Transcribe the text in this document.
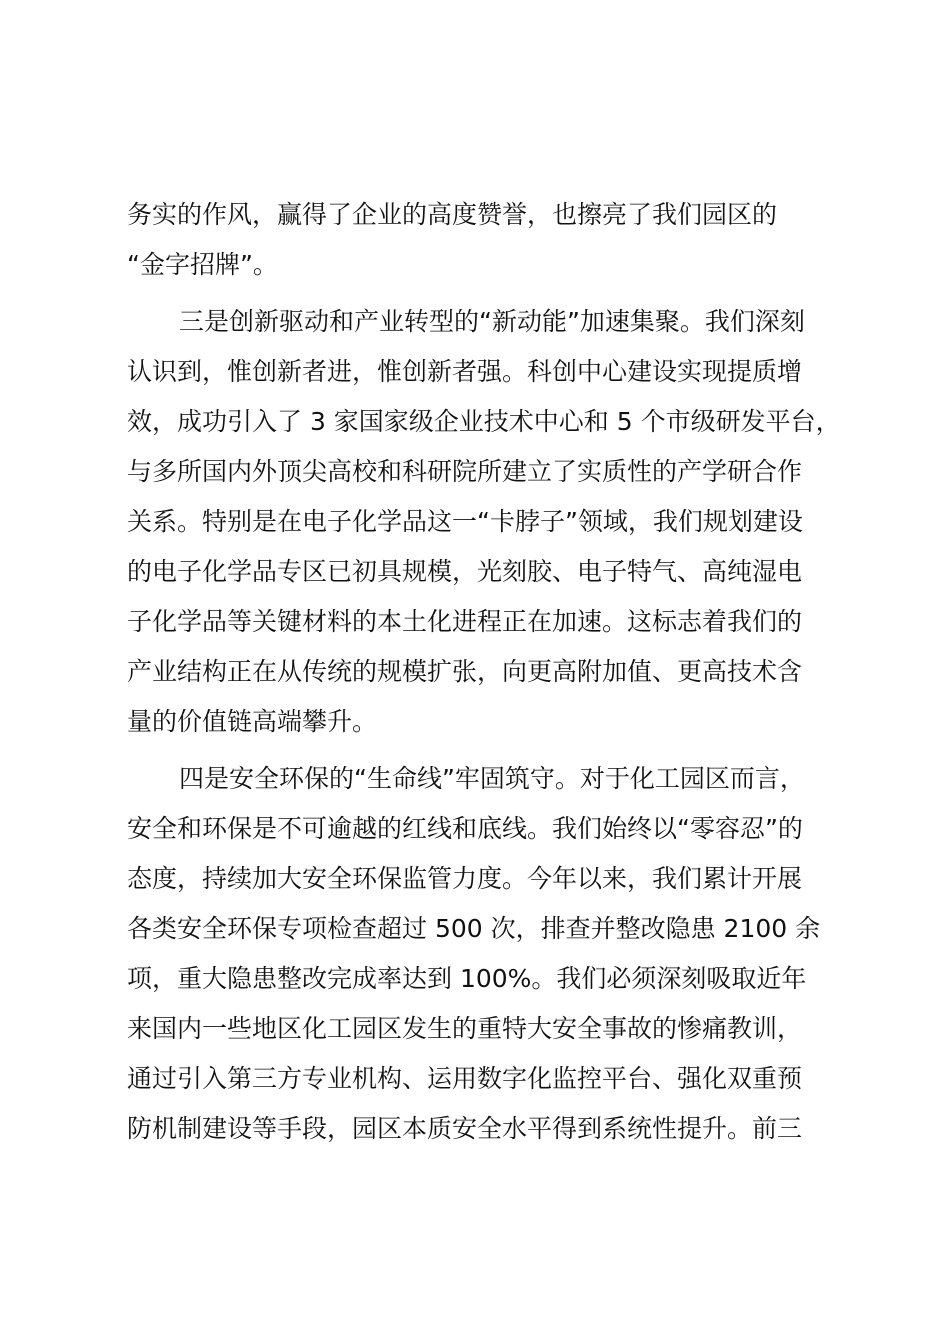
务实的作风，赢得了企业的高度赞誉，也擦亮了我们园区的
“金字招牌”。
三是创新驱动和产业转型的“新动能”加速集聚。我们深刻
认识到，惟创新者进，惟创新者强。科创中心建设实现提质增
效，成功引入了 3 家国家级企业技术中心和 5 个市级研发平台，
与多所国内外顶尖高校和科研院所建立了实质性的产学研合作
关系。特别是在电子化学品这一“卡脖子”领域，我们规划建设
的电子化学品专区已初具规模，光刻胶、电子特气、高纯湿电
子化学品等关键材料的本土化进程正在加速。这标志着我们的
产业结构正在从传统的规模扩张，向更高附加值、更高技术含
量的价值链高端攀升。
四是安全环保的“生命线”牢固筑守。对于化工园区而言，
安全和环保是不可逾越的红线和底线。我们始终以“零容忍”的
态度，持续加大安全环保监管力度。今年以来，我们累计开展
各类安全环保专项检查超过 500 次，排查并整改隐患 2100 余
项，重大隐患整改完成率达到 100%。我们必须深刻吸取近年
来国内一些地区化工园区发生的重特大安全事故的惨痛教训，
通过引入第三方专业机构、运用数字化监控平台、强化双重预
防机制建设等手段，园区本质安全水平得到系统性提升。前三
